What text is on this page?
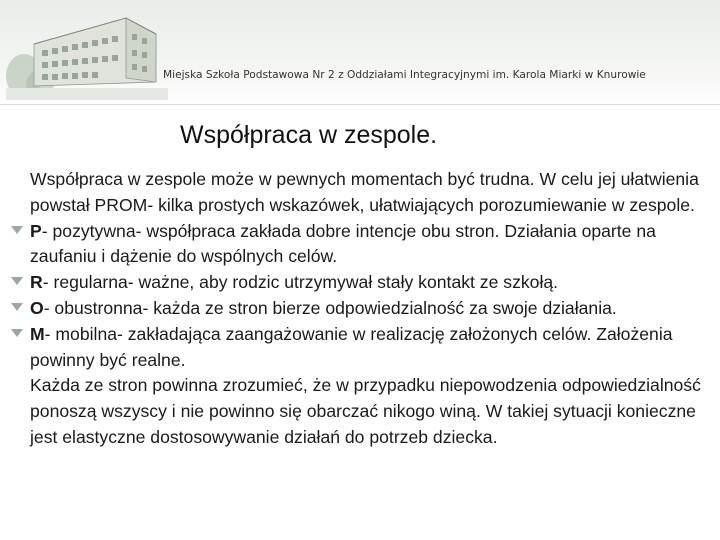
Miejska Szkoła Podstawowa Nr 2 z Oddziałami Integracyjnymi im. Karola Miarki w Knurowie
Współpraca w zespole.

Współpraca w zespole może w pewnych momentach być trudna. W celu jej ułatwienia powstał PROM- kilka prostych wskazówek, ułatwiających porozumiewanie w zespole.

P- pozytywna- współpraca zakłada dobre intencje obu stron. Działania oparte na zaufaniu i dążenie do wspólnych celów.

R- regularna- ważne, aby rodzic utrzymywał stały kontakt ze szkołą.

O- obustronna- każda ze stron bierze odpowiedzialność za swoje działania.

M- mobilna- zakładająca zaangażowanie w realizację założonych celów. Założenia powinny być realne.

Każda ze stron powinna zrozumieć, że w przypadku niepowodzenia odpowiedzialność ponoszą wszyscy i nie powinno się obarczać nikogo winą. W takiej sytuacji konieczne jest elastyczne dostosowywanie działań do potrzeb dziecka.
